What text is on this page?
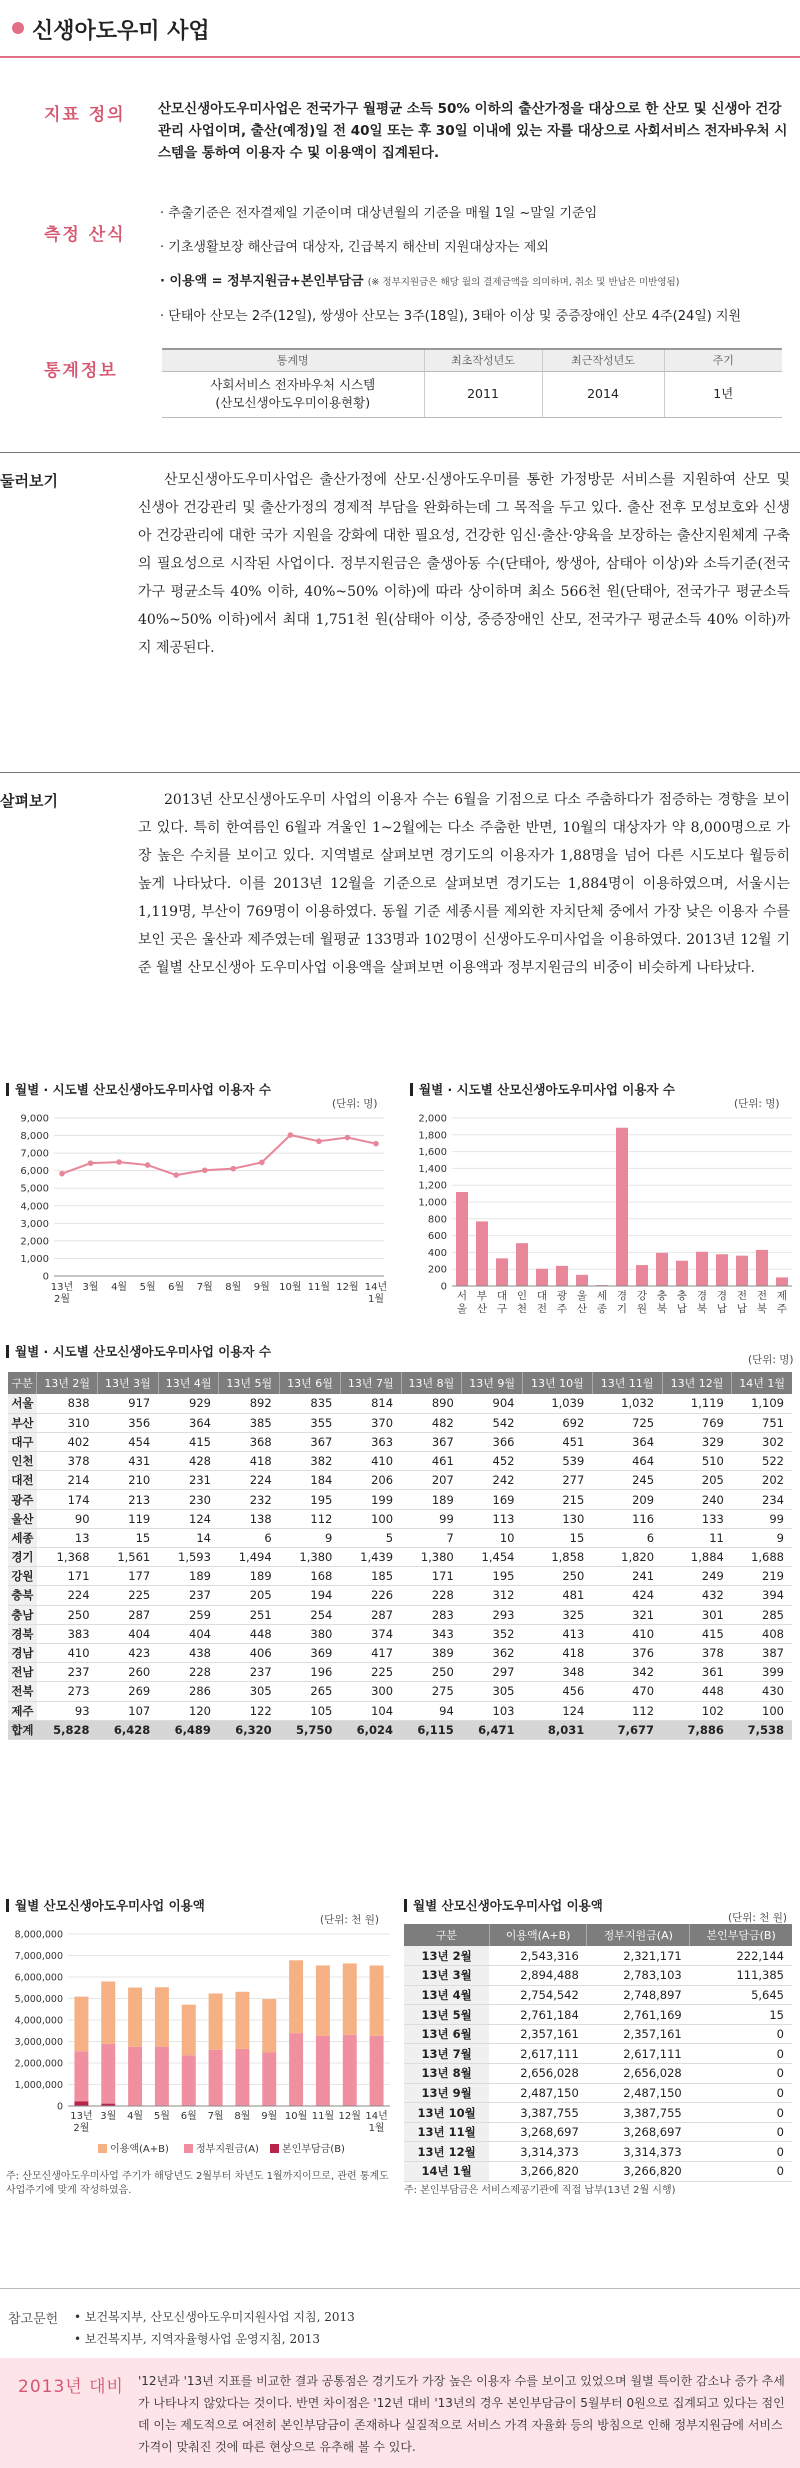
신생아도우미 사업
지표 정의 산모신생아도우미사업은 전국가구 월평균 소득 50% 이하의 출산가정을 대상으로 한 산모 및 신생아 건강관리 사업이며, 출산(예정)일 전 40일 또는 후 30일 이내에 있는 자를 대상으로 사회서비스 전자바우처 시스템을 통하여 이용자 수 및 이용액이 집계된다.
측정 산식
· 추출기준은 전자결제일 기준이며 대상년월의 기준을 매월 1일 ~말일 기준임
· 기초생활보장 해산급여 대상자, 긴급복지 해산비 지원대상자는 제외
· 이용액 = 정부지원금+본인부담금 (※ 정부지원금은 해당 월의 결제금액을 의미하며, 취소 및 반납은 미반영됨)
· 단태아 산모는 2주(12일), 쌍생아 산모는 3주(18일), 3태아 이상 및 중증장애인 산모 4주(24일) 지원
통계정보
통계명	최초작성년도	최근작성년도	주기

사회서비스 전자바우처 시스템
(산모신생아도우미이용현황)	2011	2014	1년
둘러보기	산모신생아도우미사업은 출산가정에 산모·신생아도우미를 통한 가정방문 서비스를 지원하여 산모 및 신생아 건강관리 및 출산가정의 경제적 부담을 완화하는데 그 목적을 두고 있다. 출산 전후 모성보호와 신생아 건강관리에 대한 국가 지원을 강화에 대한 필요성, 건강한 임신·출산·양육을 보장하는 출산지원체계 구축의 필요성으로 시작된 사업이다. 정부지원금은 출생아동 수(단태아, 쌍생아, 삼태아 이상)와 소득기준(전국가구 평균소득 40% 이하, 40%~50% 이하)에 따라 상이하며 최소 566천 원(단태아, 전국가구 평균소득 40%~50% 이하)에서 최대 1,751천 원(삼태아 이상, 중증장애인 산모, 전국가구 평균소득 40% 이하)까지 제공된다.
살펴보기	2013년 산모신생아도우미 사업의 이용자 수는 6월을 기점으로 다소 주춤하다가 점증하는 경향을 보이고 있다. 특히 한여름인 6월과 겨울인 1~2월에는 다소 주춤한 반면, 10월의 대상자가 약 8,000명으로 가장 높은 수치를 보이고 있다. 지역별로 살펴보면 경기도의 이용자가 1,88명을 넘어 다른 시도보다 월등히 높게 나타났다. 이를 2013년 12월을 기준으로 살펴보면 경기도는 1,884명이 이용하였으며, 서울시는 1,119명, 부산이 769명이 이용하였다. 동월 기준 세종시를 제외한 자치단체 중에서 가장 낮은 이용자 수를 보인 곳은 울산과 제주였는데 월평균 133명과 102명이 신생아도우미사업을 이용하였다. 2013년 12월 기준 월별 산모신생아 도우미사업 이용액을 살펴보면 이용액과 정부지원금의 비중이 비슷하게 나타났다.
월별 · 시도별 산모신생아도우미사업 이용자 수
(단위: 명)
0
1,000
2,000
3,000
4,000
5,000
6,000
7,000
8,000
9,000
13년
2월
3월 4월 5월 6월 7월 8월 9월 10월 11월 12월 14년
1월
월별 · 시도별 산모신생아도우미사업 이용자 수
(단위: 명)
0
200
400
600
800
1,000
1,200
1,400
1,600
1,800
2,000
서
울
부
산
대
구
인
천
대
전
광
주
울
산
세
종
경
기
강
원
충
북
충
남
경
북
경
남
전
남
전
북
제
주
월별 · 시도별 산모신생아도우미사업 이용자 수
(단위: 명)
구분	13년 2월	13년 3월	13년 4월	13년 5월	13년 6월	13년 7월	13년 8월	13년 9월	13년 10월	13년 11월	13년 12월	14년 1월
서울	838	917	929	892	835	814	890	904	1,039	1,032	1,119	1,109
부산	310	356	364	385	355	370	482	542	692	725	769	751
대구	402	454	415	368	367	363	367	366	451	364	329	302
인천	378	431	428	418	382	410	461	452	539	464	510	522
대전	214	210	231	224	184	206	207	242	277	245	205	202
광주	174	213	230	232	195	199	189	169	215	209	240	234
울산	90	119	124	138	112	100	99	113	130	116	133	99
세종	13	15	14	6	9	5	7	10	15	6	11	9
경기	1,368	1,561	1,593	1,494	1,380	1,439	1,380	1,454	1,858	1,820	1,884	1,688
강원	171	177	189	189	168	185	171	195	250	241	249	219
충북	224	225	237	205	194	226	228	312	481	424	432	394
충남	250	287	259	251	254	287	283	293	325	321	301	285
경북	383	404	404	448	380	374	343	352	413	410	415	408
경남	410	423	438	406	369	417	389	362	418	376	378	387
전남	237	260	228	237	196	225	250	297	348	342	361	399
전북	273	269	286	305	265	300	275	305	456	470	448	430
제주	93	107	120	122	105	104	94	103	124	112	102	100
합계	5,828	6,428	6,489	6,320	5,750	6,024	6,115	6,471	8,031	7,677	7,886	7,538
월별 산모신생아도우미사업 이용액
(단위: 천 원)
0
1,000,000
2,000,000
3,000,000
4,000,000
5,000,000
6,000,000
7,000,000
8,000,000
13년
2월
3월 4월 5월 6월 7월 8월 9월 10월 11월 12월 14년
1월
이용액(A+B)	정부지원금(A) 본인부담금(B)
주: 산모신생아도우미사업 주기가 해당년도 2월부터 차년도 1월까지이므로, 관련 통계도 사업주기에 맞게 작성하였음.
월별 산모신생아도우미사업 이용액
(단위: 천 원)
구분	이용액(A+B)	정부지원금(A)	본인부담금(B)
13년 2월	2,543,316	2,321,171	222,144
13년 3월	2,894,488	2,783,103	111,385
13년 4월	2,754,542	2,748,897	5,645
13년 5월	2,761,184	2,761,169	15
13년 6월	2,357,161	2,357,161	0
13년 7월	2,617,111	2,617,111	0
13년 8월	2,656,028	2,656,028	0
13년 9월	2,487,150	2,487,150	0
13년 10월	3,387,755	3,387,755	0
13년 11월	3,268,697	3,268,697	0
13년 12월	3,314,373	3,314,373	0
14년 1월	3,266,820	3,266,820	0
주: 본인부담금은 서비스제공기관에 직접 납부(13년 2월 시행)
참고문헌 • 보건복지부, 산모신생아도우미지원사업 지침, 2013
• 보건복지부, 지역자율형사업 운영지침, 2013
2013년 대비 '12년과 '13년 지표를 비교한 결과 공통점은 경기도가 가장 높은 이용자 수를 보이고 있었으며 월별 특이한 감소나 증가 추세가 나타나지 않았다는 것이다. 반면 차이점은 '12년 대비 '13년의 경우 본인부담금이 5월부터 0원으로 집계되고 있다는 점인데 이는 제도적으로 여전히 본인부담금이 존재하나 실질적으로 서비스 가격 자율화 등의 방침으로 인해 정부지원금에 서비스 가격이 맞춰진 것에 따른 현상으로 유추해 볼 수 있다.
